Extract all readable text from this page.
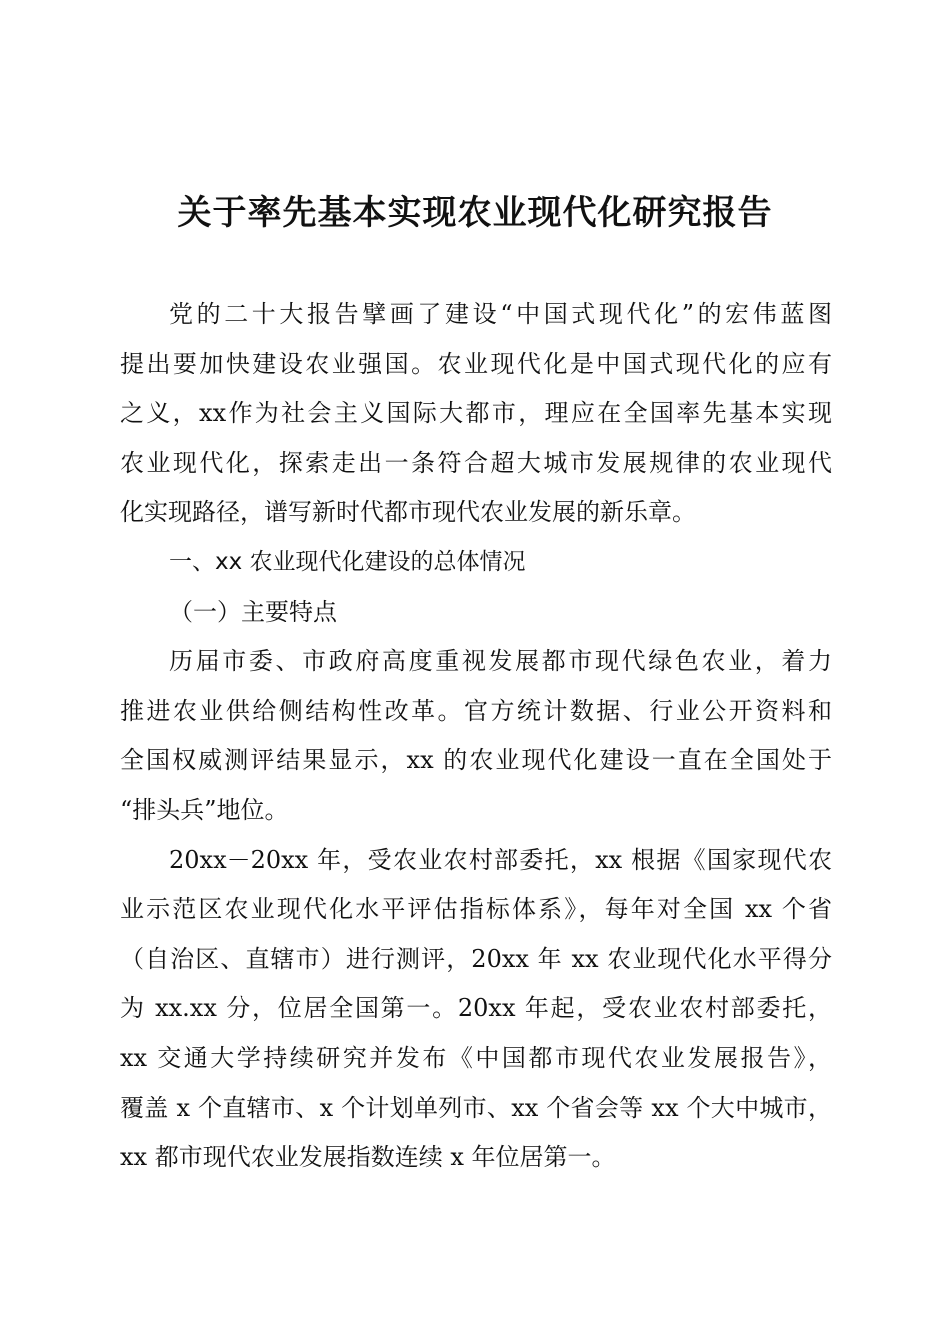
关于率先基本实现农业现代化研究报告
党的二十大报告擘画了建设“中国式现代化”的宏伟蓝图
提出要加快建设农业强国。农业现代化是中国式现代化的应有
之义，xx作为社会主义国际大都市，理应在全国率先基本实现
农业现代化，探索走出一条符合超大城市发展规律的农业现代
化实现路径，谱写新时代都市现代农业发展的新乐章。
一、xx 农业现代化建设的总体情况
（一）主要特点
历届市委、市政府高度重视发展都市现代绿色农业，着力
推进农业供给侧结构性改革。官方统计数据、行业公开资料和
全国权威测评结果显示，xx 的农业现代化建设一直在全国处于
“排头兵”地位。
20xx－20xx 年，受农业农村部委托，xx 根据《国家现代农
业示范区农业现代化水平评估指标体系》，每年对全国 xx 个省
（自治区、直辖市）进行测评，20xx 年 xx 农业现代化水平得分
为 xx.xx 分，位居全国第一。20xx 年起，受农业农村部委托，
xx 交通大学持续研究并发布《中国都市现代农业发展报告》，
覆盖 x 个直辖市、x 个计划单列市、xx 个省会等 xx 个大中城市，
xx 都市现代农业发展指数连续 x 年位居第一。
